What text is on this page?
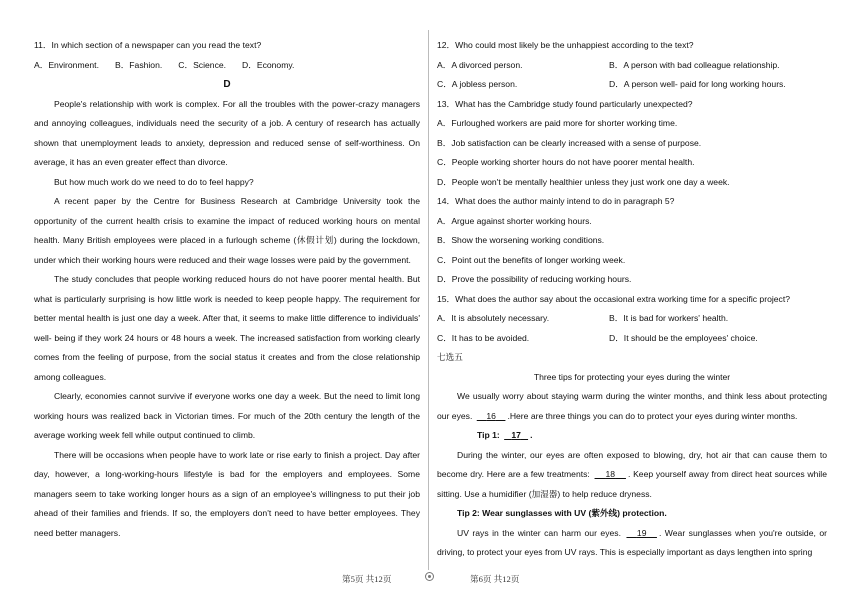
11．In which section of a newspaper can you read the text?
A．Environment. B．Fashion. C．Science. D．Economy.
D

People's relationship with work is complex. For all the troubles with the power-crazy managers and annoying colleagues, individuals need the security of a job. A century of research has actually shown that unemployment leads to anxiety, depression and reduced sense of self-worthiness. On average, it has an even greater effect than divorce.

But how much work do we need to do to feel happy?

A recent paper by the Centre for Business Research at Cambridge University took the opportunity of the current health crisis to examine the impact of reduced working hours on mental health. Many British employees were placed in a furlough scheme (休假计划) during the lockdown, under which their working hours were reduced and their wage losses were paid by the government.

The study concludes that people working reduced hours do not have poorer mental health. But what is particularly surprising is how little work is needed to keep people happy. The requirement for better mental health is just one day a week. After that, it seems to make little difference to individuals' well- being if they work 24 hours or 48 hours a week. The increased satisfaction from working clearly comes from the feeling of purpose, from the social status it creates and from the close relationship among colleagues.

Clearly, economies cannot survive if everyone works one day a week. But the need to limit long working hours was realized back in Victorian times. For much of the 20th century the length of the average working week fell while output continued to climb.

There will be occasions when people have to work late or rise early to finish a project. Day after day, however, a long-working-hours lifestyle is bad for the employers and employees. Some managers seem to take working longer hours as a sign of an employee's willingness to put their job ahead of their families and friends. If so, the employers don't need to have better employees. They need better managers.

12．Who could most likely be the unhappiest according to the text?
A．A divorced person.	B．A person with bad colleague relationship.
C．A jobless person.	D．A person well- paid for long working hours.
13．What has the Cambridge study found particularly unexpected?
A．Furloughed workers are paid more for shorter working time.
B．Job satisfaction can be clearly increased with a sense of purpose.
C．People working shorter hours do not have poorer mental health.
D．People won't be mentally healthier unless they just work one day a week.
14．What does the author mainly intend to do in paragraph 5?
A．Argue against shorter working hours.
B．Show the worsening working conditions.
C．Point out the benefits of longer working week.
D．Prove the possibility of reducing working hours.
15．What does the author say about the occasional extra working time for a specific project?
A．It is absolutely necessary.	B．It is bad for workers' health.
C．It has to be avoided.	D．It should be the employees' choice.
七选五
Three tips for protecting your eyes during the winter

We usually worry about staying warm during the winter months, and think less about protecting our eyes. 16 .Here are three things you can do to protect your eyes during winter months.

Tip 1: 17 .

During the winter, our eyes are often exposed to blowing, dry, hot air that can cause them to become dry. Here are a few treatments: 18 . Keep yourself away from direct heat sources while sitting. Use a humidifier (加湿器) to help reduce dryness.

Tip 2: Wear sunglasses with UV (紫外线) protection.

UV rays in the winter can harm our eyes. 19 . Wear sunglasses when you're outside, or driving, to protect your eyes from UV rays. This is especially important as days lengthen into spring

第5页 共12页	第6页 共12页
